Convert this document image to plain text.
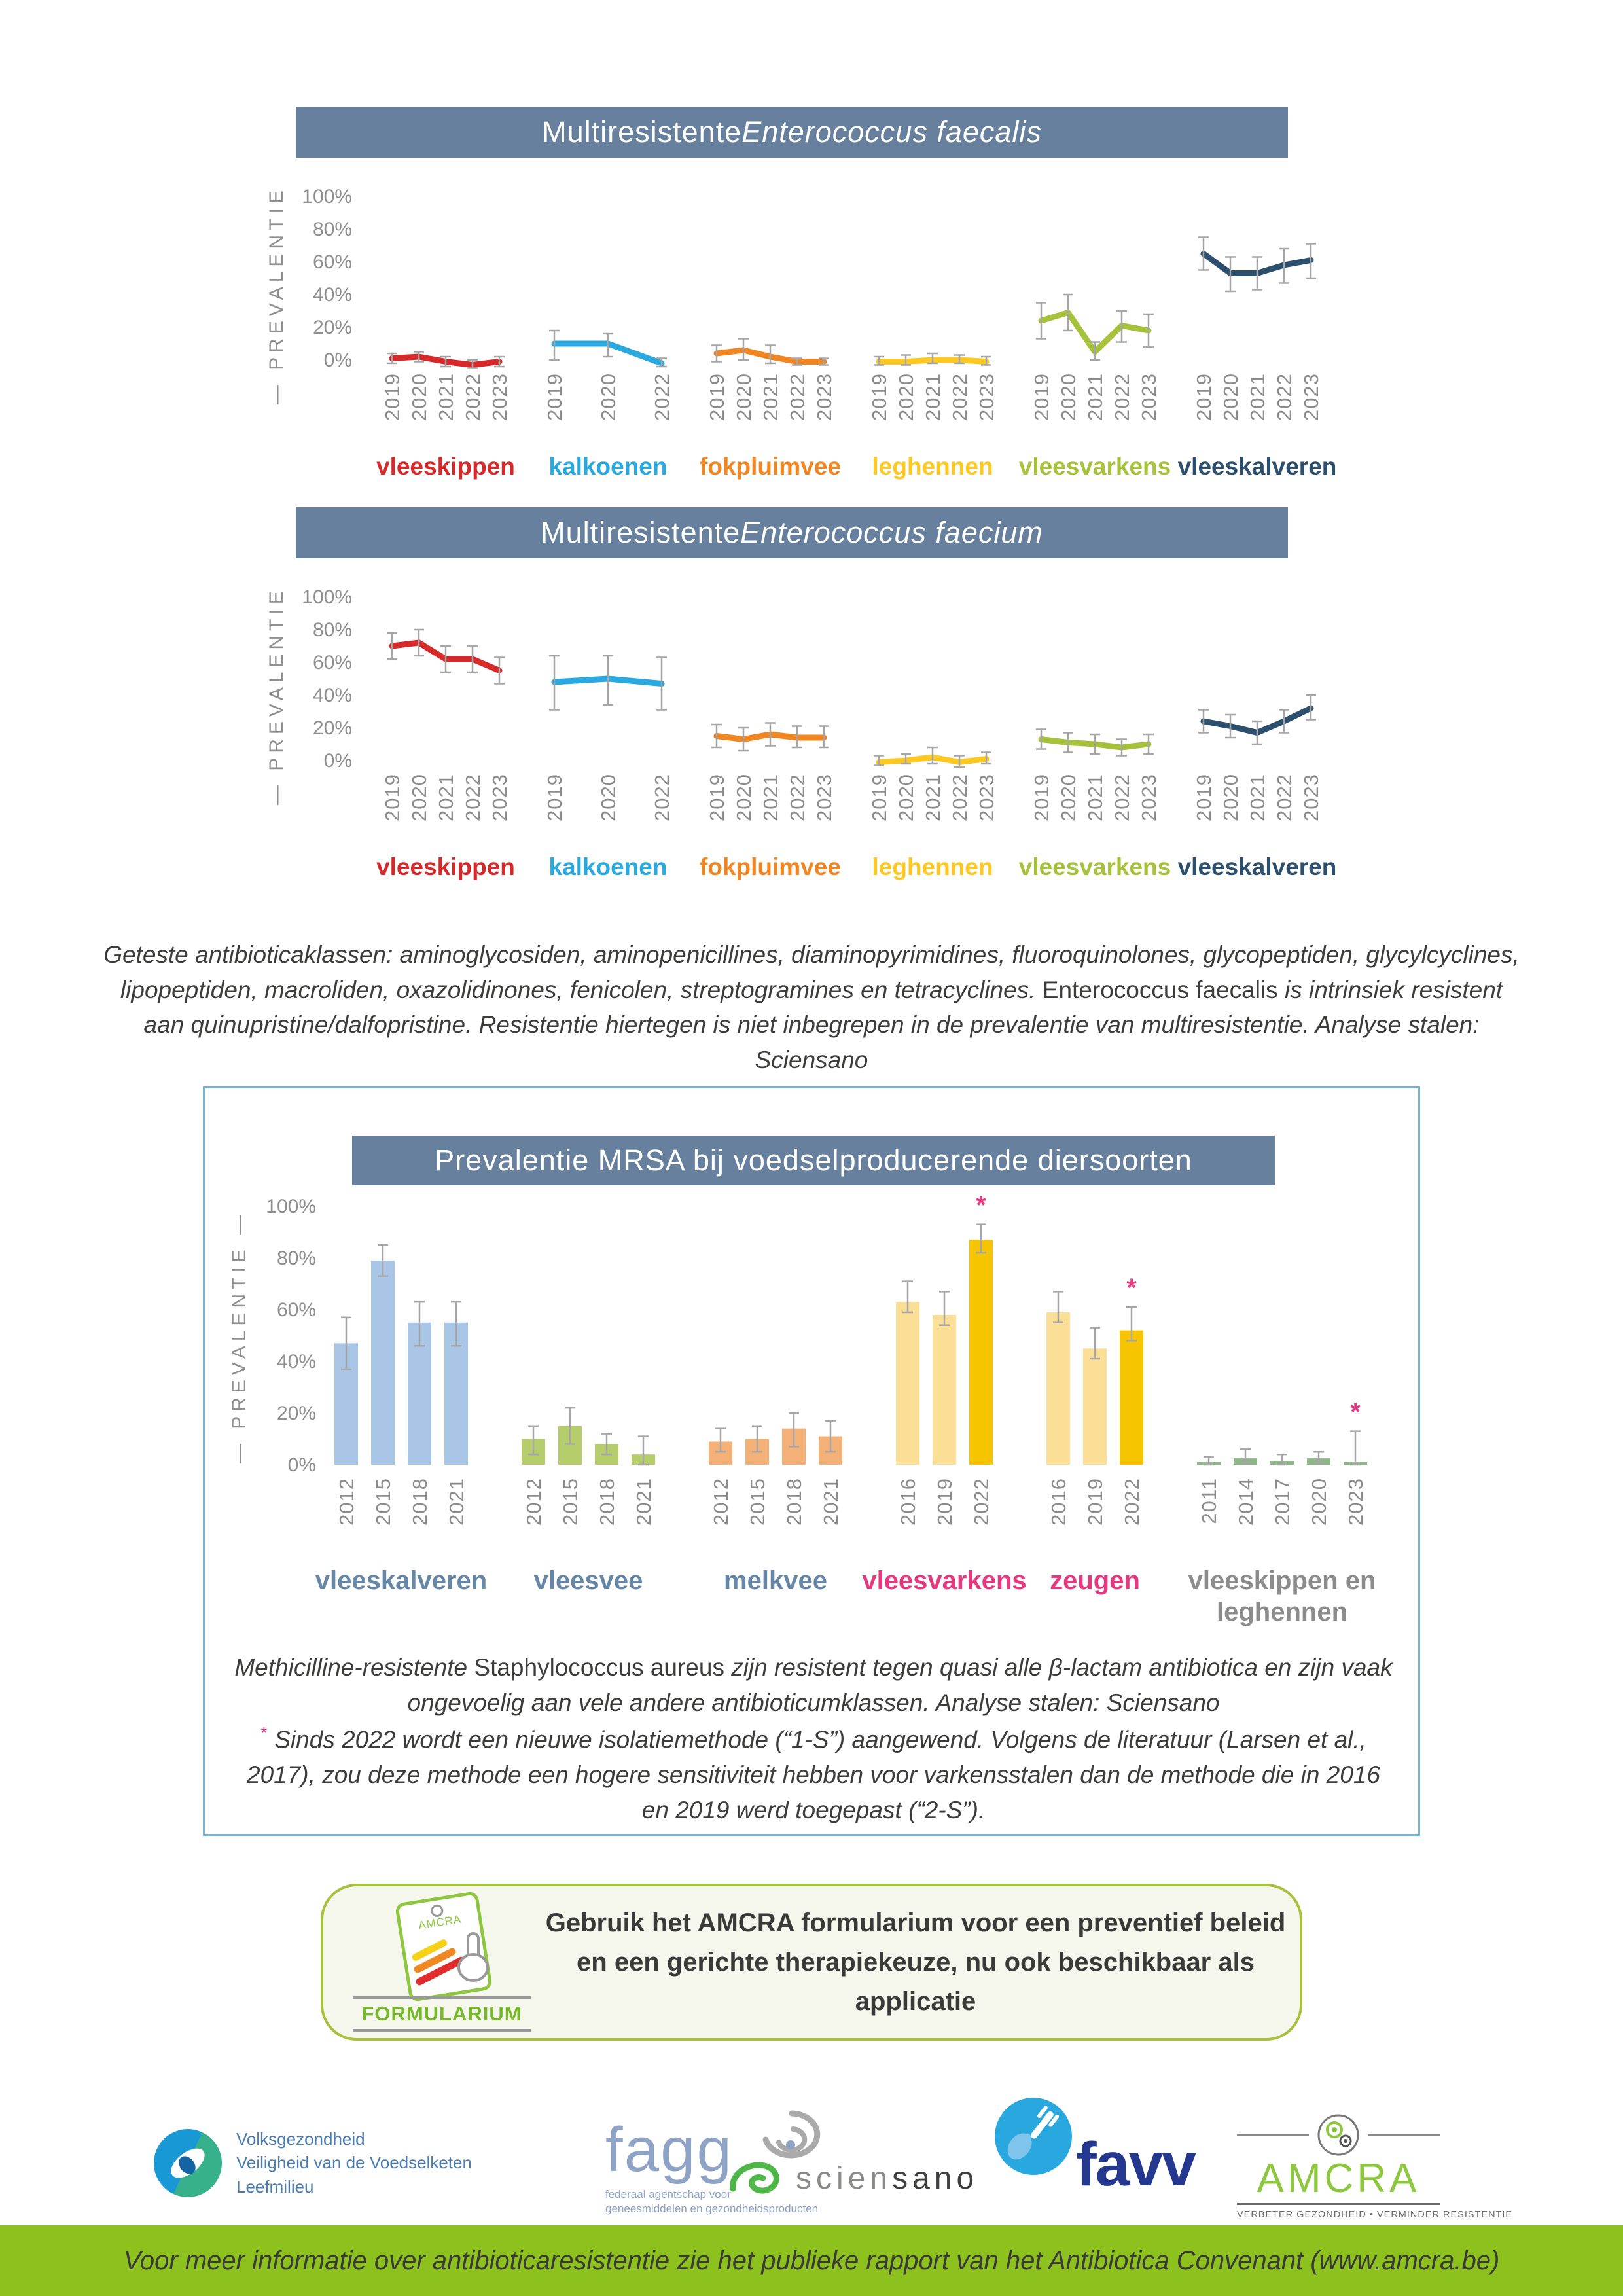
Multiresistente Enterococcus faecalis
— PREVALENTIE — 0%
20%
40%
60%
80%
100%
2019 2020 2021 2022 2023
vleeskippen
2019 2020 2022
kalkoenen
2019 2020 2021 2022 2023
fokpluimvee
2019 2020 2021 2022 2023
leghennen
2019 2020 2021 2022 2023
vleesvarkens
2019 2020 2021 2022 2023
vleeskalveren
Multiresistente Enterococcus faecium
— PREVALENTIE — 0%
20%
40%
60%
80%
100%
2019 2020 2021 2022 2023
vleeskippen
2019 2020 2022
kalkoenen
2019 2020 2021 2022 2023
fokpluimvee
2019 2020 2021 2022 2023
leghennen
2019 2020 2021 2022 2023
vleesvarkens
2019 2020 2021 2022 2023
vleeskalveren
Geteste antibioticaklassen: aminoglycosiden, aminopenicillines, diaminopyrimidines, fluoroquinolones, glycopeptiden, glycylcyclines, lipopeptiden, macroliden, oxazolidinones, fenicolen, streptogramines en tetracyclines. Enterococcus faecalis is intrinsiek resistent aan quinupristine/dalfopristine. Resistentie hiertegen is niet inbegrepen in de prevalentie van multiresistentie. Analyse stalen: Sciensano
Prevalentie MRSA bij voedselproducerende diersoorten
— PREVALENTIE —
0%
20%
40%
60%
80%
100%
2012 2015 2018 2021
vleeskalveren
2012 2015 2018 2021
vleesvee
2012 2015 2018 2021
melkvee
2016 2019
*
2022
vleesvarkens
2016 2019
*
2022
zeugen
2011 2014 2017 2020
*
2023
vleeskippen en
leghennen
Methicilline-resistente Staphylococcus aureus zijn resistent tegen quasi alle β-lactam antibiotica en zijn vaak ongevoelig aan vele andere antibioticumklassen. Analyse stalen: Sciensano
* Sinds 2022 wordt een nieuwe isolatiemethode (“1-S”) aangewend. Volgens de literatuur (Larsen et al., 2017), zou deze methode een hogere sensitiviteit hebben voor varkensstalen dan de methode die in 2016 en 2019 werd toegepast (“2-S”).
AMCRA
FORMULARIUM
Gebruik het AMCRA formularium voor een preventief beleid
en een gerichte therapiekeuze, nu ook beschikbaar als applicatie
Volksgezondheid
Veiligheid van de Voedselketen
Leefmilieu
fagg
federaal agentschap voor
geneesmiddelen en gezondheidsproducten
sciensano favv	AMCRA
VERBETER GEZONDHEID • VERMINDER RESISTENTIE
Voor meer informatie over antibioticaresistentie zie het publieke rapport van het Antibiotica Convenant (www.amcra.be)
